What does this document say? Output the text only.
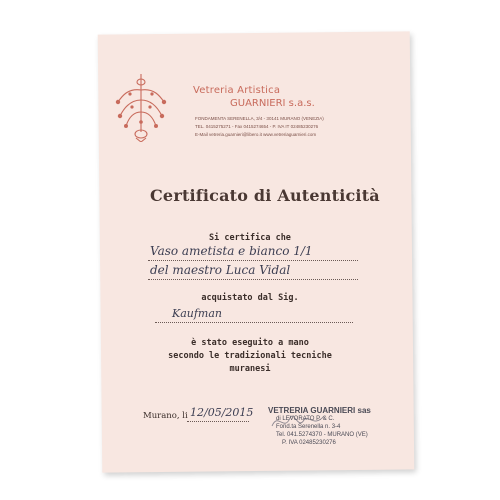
Vetreria Artistica
GUARNIERI s.a.s.
FONDAMENTA SERENELLA, 3/4 - 30141 MURANO (VENEZIA)
TEL. 0415275271 - Fax 0415274654 - P. IVA IT 02485230276
E-Mail vetreria.guarnieri@libero.it www.vetreriaguarnieri.com
Certificato di Autenticità
Si certifica che
Vaso ametista e bianco 1/1
del maestro Luca Vidal
acquistato dal Sig.
Kaufman
è stato eseguito a mano
secondo le tradizionali tecniche
muranesi
Murano, li 12/05/2015 VETRERIA GUARNIERI sas
di LEVORATO P. & C.
Fond.ta Serenella n. 3-4
Tel. 041.5274370 - MURANO (VE)
P. IVA 02485230276
